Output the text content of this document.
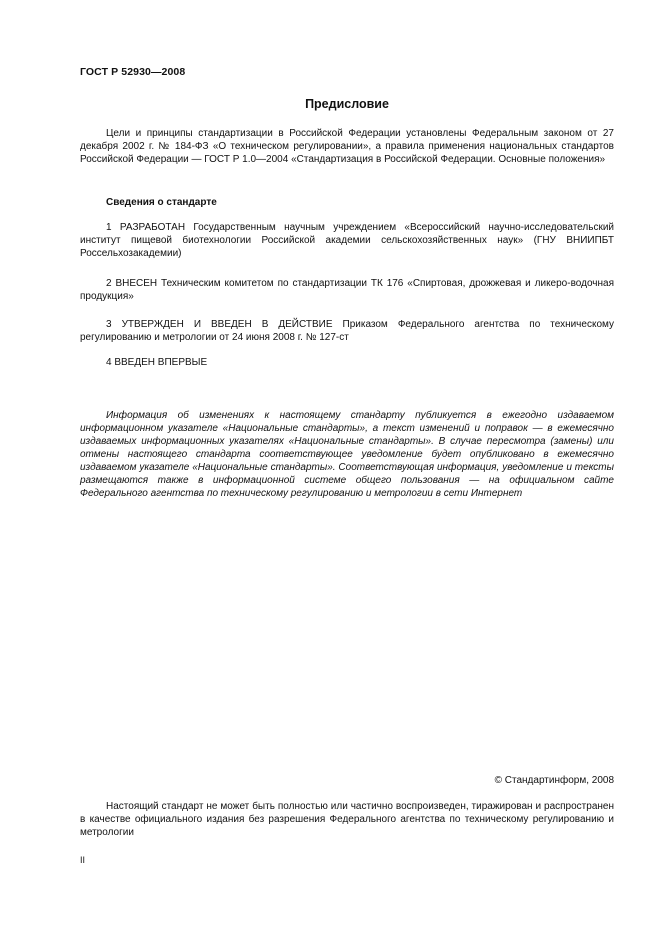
ГОСТ Р 52930—2008
Предисловие

Цели и принципы стандартизации в Российской Федерации установлены Федеральным законом от 27 декабря 2002 г. № 184-ФЗ «О техническом регулировании», а правила применения национальных стандартов Российской Федерации — ГОСТ Р 1.0—2004 «Стандартизация в Российской Федерации. Основные положения»

Сведения о стандарте

1 РАЗРАБОТАН Государственным научным учреждением «Всероссийский научно-исследовательский институт пищевой биотехнологии Российской академии сельскохозяйственных наук» (ГНУ ВНИИПБТ Россельхозакадемии)

2 ВНЕСЕН Техническим комитетом по стандартизации ТК 176 «Спиртовая, дрожжевая и ликеро-водочная продукция»

3 УТВЕРЖДЕН И ВВЕДЕН В ДЕЙСТВИЕ Приказом Федерального агентства по техническому регулированию и метрологии от 24 июня 2008 г. № 127-ст

4 ВВЕДЕН ВПЕРВЫЕ

Информация об изменениях к настоящему стандарту публикуется в ежегодно издаваемом информационном указателе «Национальные стандарты», а текст изменений и поправок — в ежемесячно издаваемых информационных указателях «Национальные стандарты». В случае пересмотра (замены) или отмены настоящего стандарта соответствующее уведомление будет опубликовано в ежемесячно издаваемом указателе «Национальные стандарты». Соответствующая информация, уведомление и тексты размещаются также в информационной системе общего пользования — на официальном сайте Федерального агентства по техническому регулированию и метрологии в сети Интернет

© Стандартинформ, 2008

Настоящий стандарт не может быть полностью или частично воспроизведен, тиражирован и распространен в качестве официального издания без разрешения Федерального агентства по техническому регулированию и метрологии

II
